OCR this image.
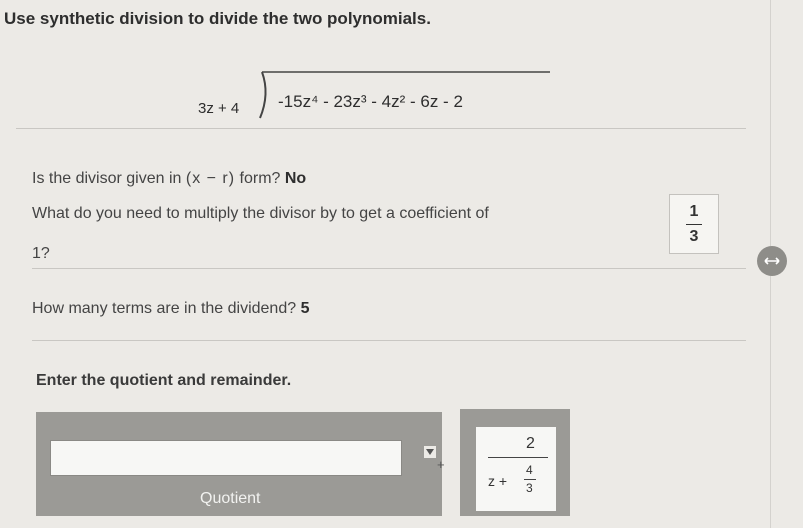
Use synthetic division to divide the two polynomials.
3z + 4 -15z⁴ - 23z³ - 4z² - 6z - 2
Is the divisor given in (x − r) form? No
What do you need to multiply the divisor by to get a coefficient of
1?
1
3
How many terms are in the dividend? 5
Enter the quotient and remainder.
Quotient
+
2
z +
4
3
